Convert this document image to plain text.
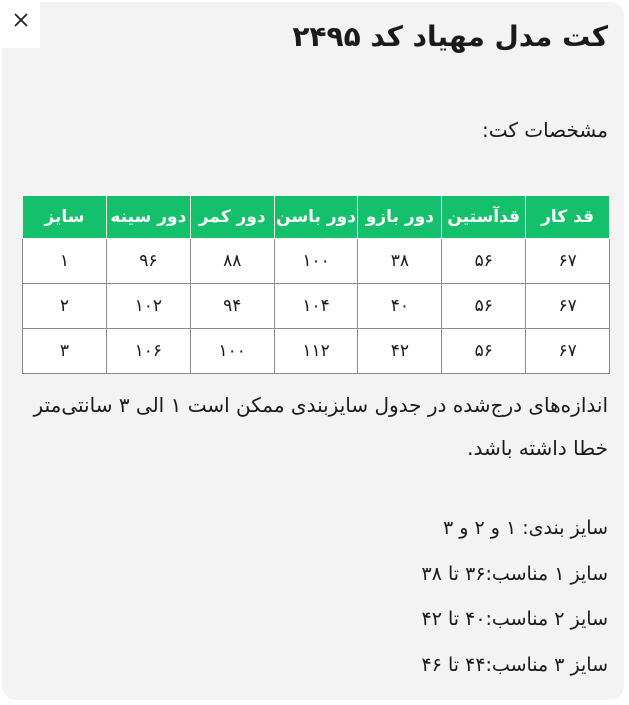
کت مدل مهیاد کد ۲۴۹۵
مشخصات کت:
قد کار	قدآستین	دور بازو	دور باسن	دور کمر	دور سینه	سایز
۶۷	۵۶	۳۸	۱۰۰	۸۸	۹۶	۱
۶۷	۵۶	۴۰	۱۰۴	۹۴	۱۰۲	۲
۶۷	۵۶	۴۲	۱۱۲	۱۰۰	۱۰۶	۳
اندازه‌های درج‌شده در جدول سایزبندی ممکن است ۱ الی ۳ سانتی‌متر خطا داشته باشد.
سایز بندی: ۱ و ۲ و ۳
سایز ۱ مناسب:۳۶ تا ۳۸
سایز ۲ مناسب:۴۰ تا ۴۲
سایز ۳ مناسب:۴۴ تا ۴۶
